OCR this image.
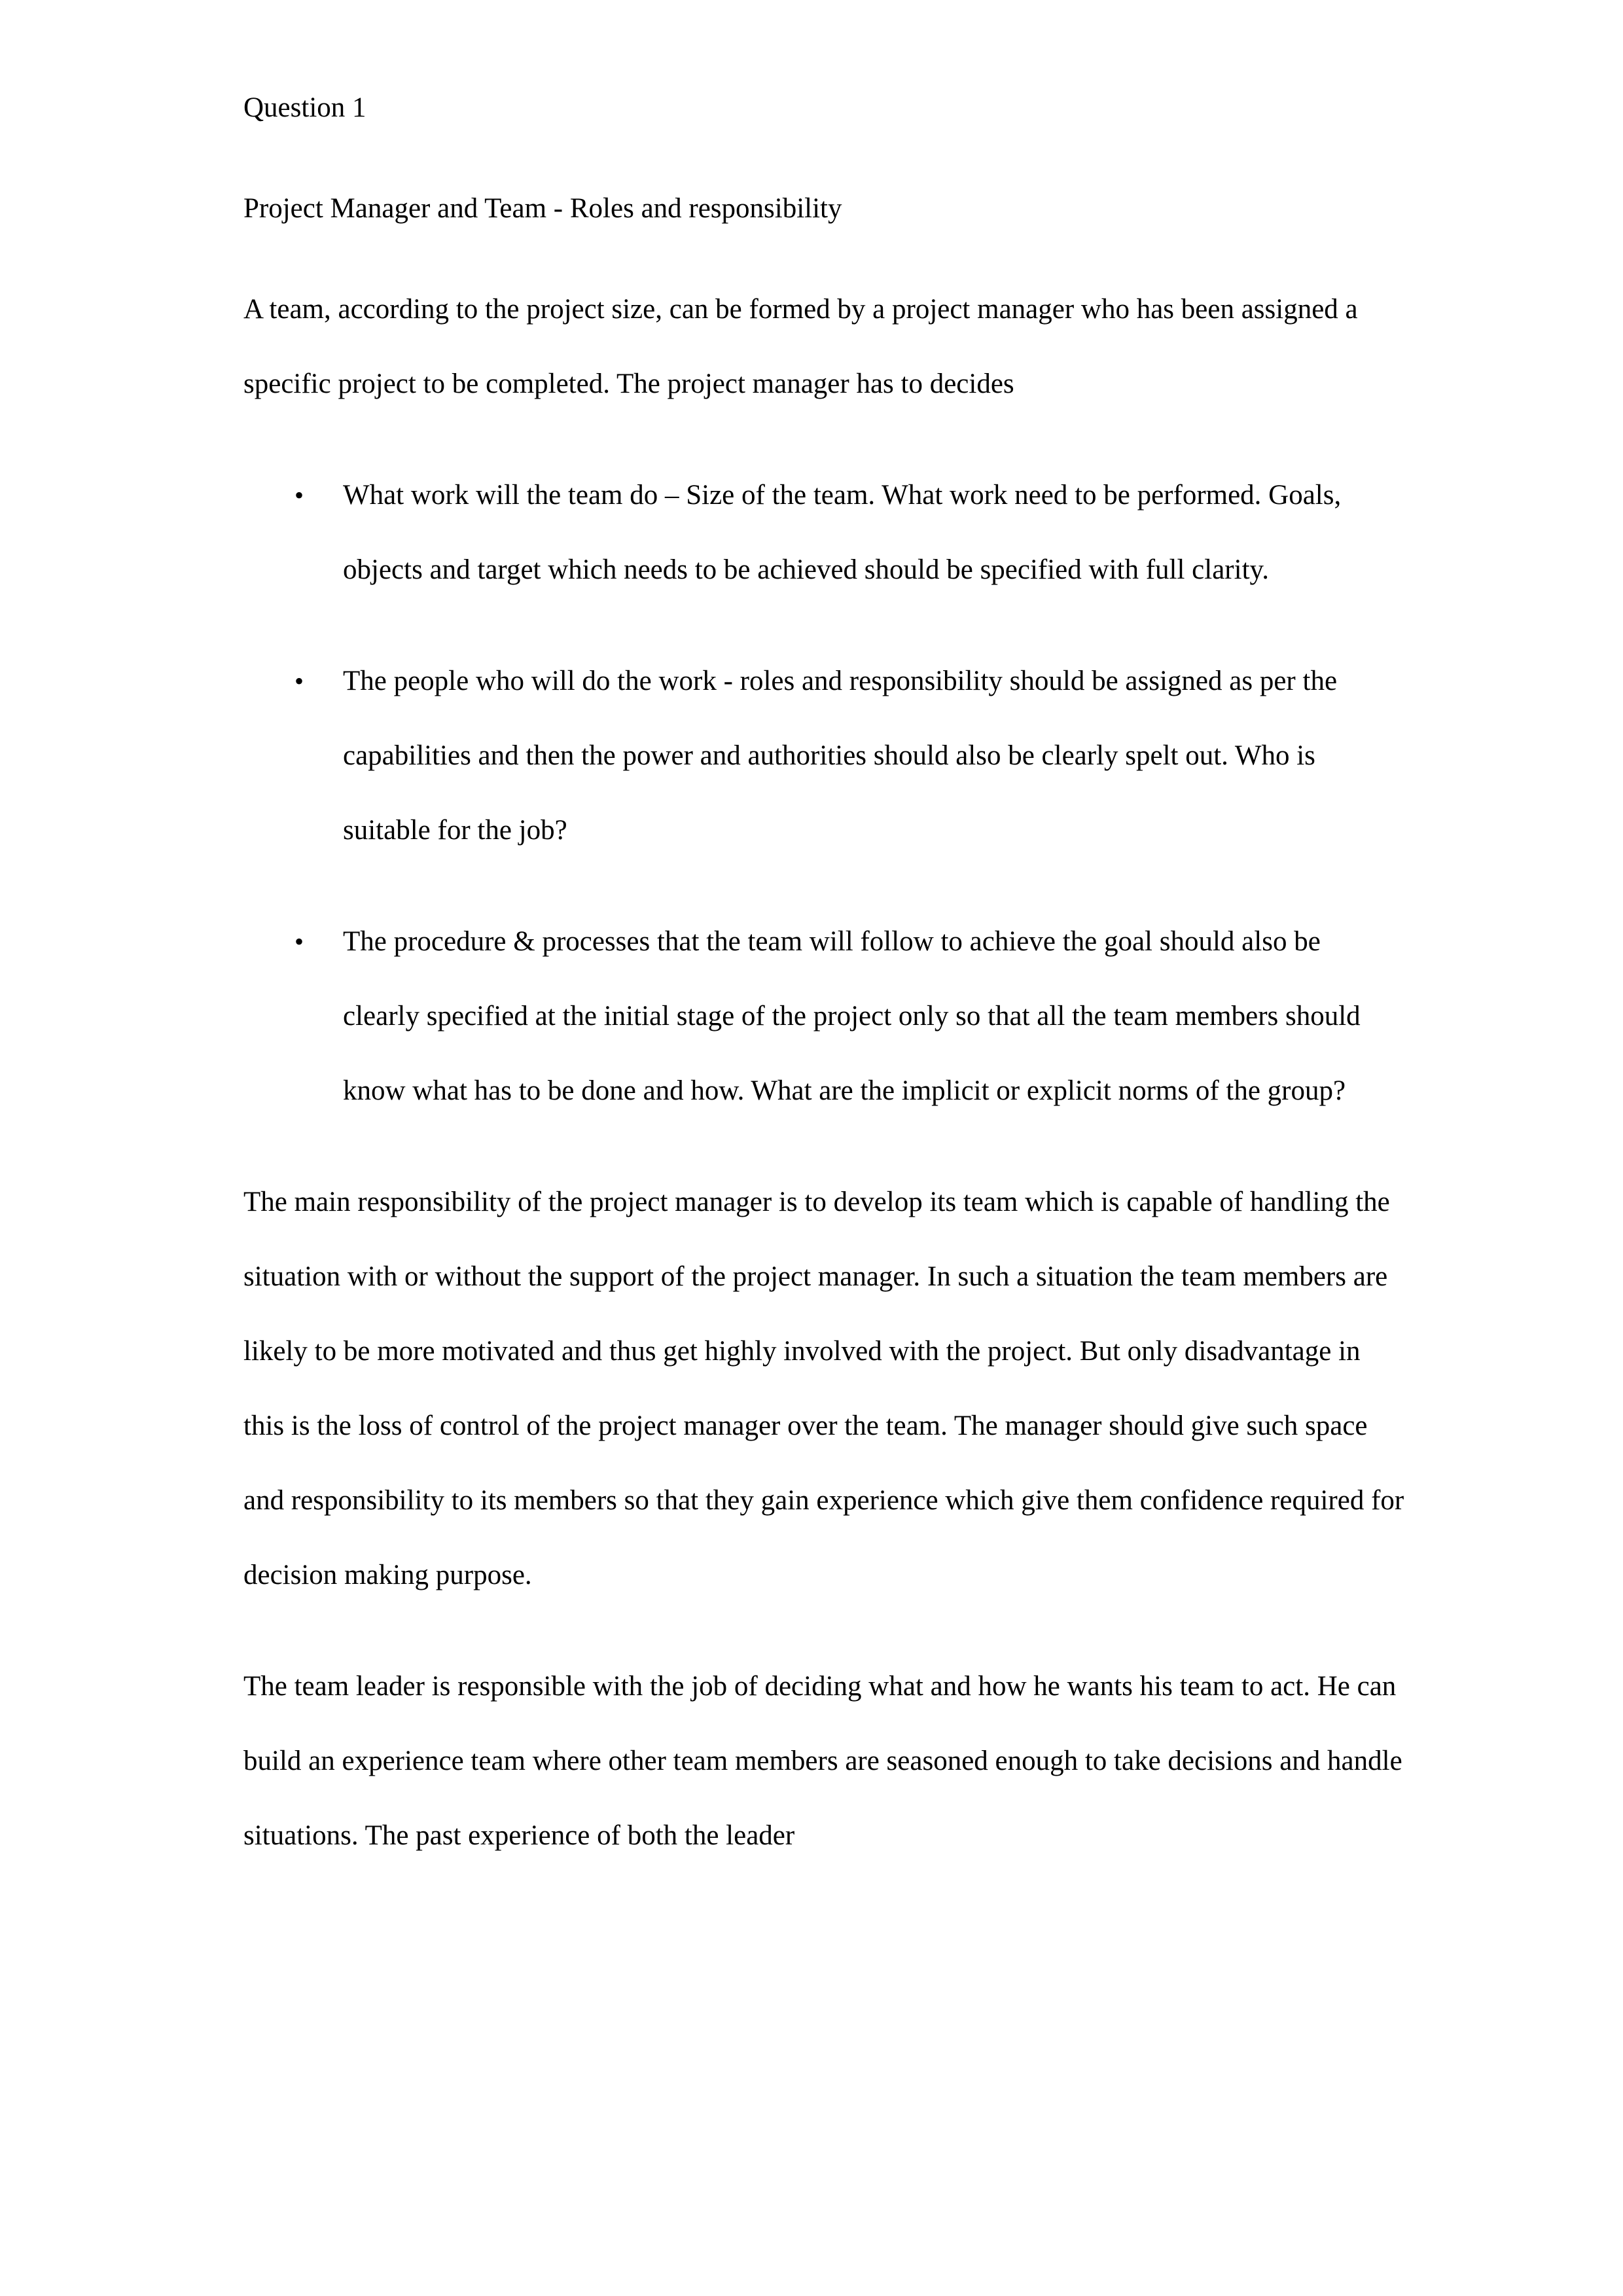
Question 1

Project Manager and Team - Roles and responsibility

A team, according to the project size, can be formed by a project manager who has been assigned a specific project to be completed. The project manager has to decides

• What work will the team do – Size of the team. What work need to be performed. Goals, objects and target which needs to be achieved should be specified with full clarity.
• The people who will do the work - roles and responsibility should be assigned as per the capabilities and then the power and authorities should also be clearly spelt out. Who is suitable for the job?
• The procedure & processes that the team will follow to achieve the goal should also be clearly specified at the initial stage of the project only so that all the team members should know what has to be done and how. What are the implicit or explicit norms of the group?

The main responsibility of the project manager is to develop its team which is capable of handling the situation with or without the support of the project manager. In such a situation the team members are likely to be more motivated and thus get highly involved with the project. But only disadvantage in this is the loss of control of the project manager over the team. The manager should give such space and responsibility to its members so that they gain experience which give them confidence required for decision making purpose.

The team leader is responsible with the job of deciding what and how he wants his team to act. He can build an experience team where other team members are seasoned enough to take decisions and handle situations. The past experience of both the leader
